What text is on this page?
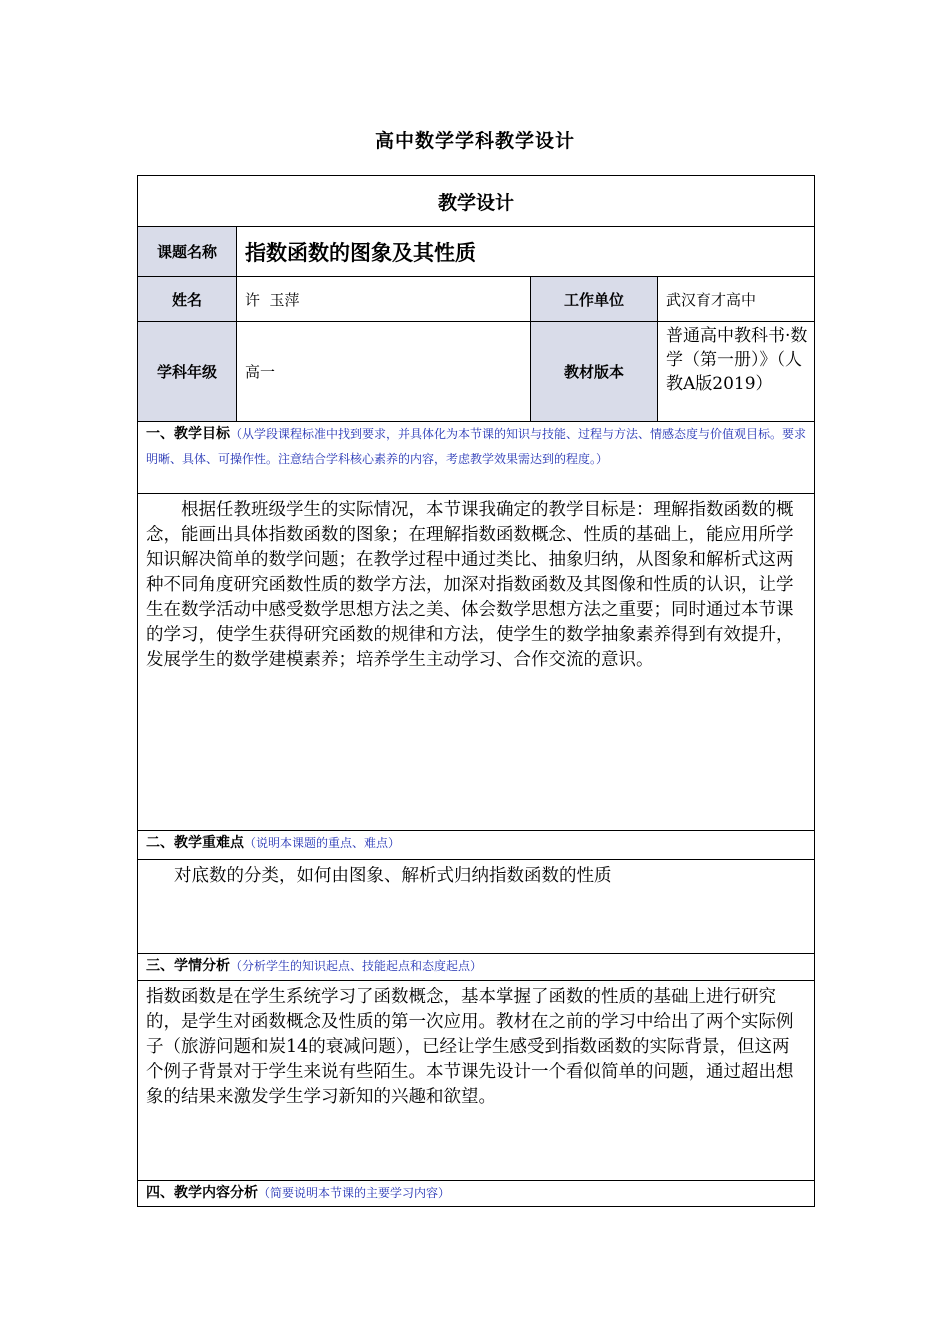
高中数学学科教学设计
教学设计			
课题名称	指数函数的图象及其性质		
姓名	许  玉萍	工作单位	武汉育才高中
学科年级	高一	教材版本	普通高中教科书·数学（第一册）》（人教A版2019）
一、教学目标（从学段课程标准中找到要求，并具体化为本节课的知识与技能、过程与方法、情感态度与价值观目标。要求明晰、具体、可操作性。注意结合学科核心素养的内容，考虑教学效果需达到的程度。）			
根据任教班级学生的实际情况，本节课我确定的教学目标是：理解指数函数的概念，能画出具体指数函数的图象；在理解指数函数概念、性质的基础上，能应用所学知识解决简单的数学问题；在教学过程中通过类比、抽象归纳，从图象和解析式这两种不同角度研究函数性质的数学方法，加深对指数函数及其图像和性质的认识，让学生在数学活动中感受数学思想方法之美、体会数学思想方法之重要；同时通过本节课的学习，使学生获得研究函数的规律和方法，使学生的数学抽象素养得到有效提升，发展学生的数学建模素养；培养学生主动学习、合作交流的意识。			
二、教学重难点（说明本课题的重点、难点）			
对底数的分类，如何由图象、解析式归纳指数函数的性质			
三、学情分析（分析学生的知识起点、技能起点和态度起点）			
指数函数是在学生系统学习了函数概念，基本掌握了函数的性质的基础上进行研究的，是学生对函数概念及性质的第一次应用。教材在之前的学习中给出了两个实际例子（旅游问题和炭14的衰减问题），已经让学生感受到指数函数的实际背景，但这两个例子背景对于学生来说有些陌生。本节课先设计一个看似简单的问题，通过超出想象的结果来激发学生学习新知的兴趣和欲望。			
四、教学内容分析（简要说明本节课的主要学习内容）			
